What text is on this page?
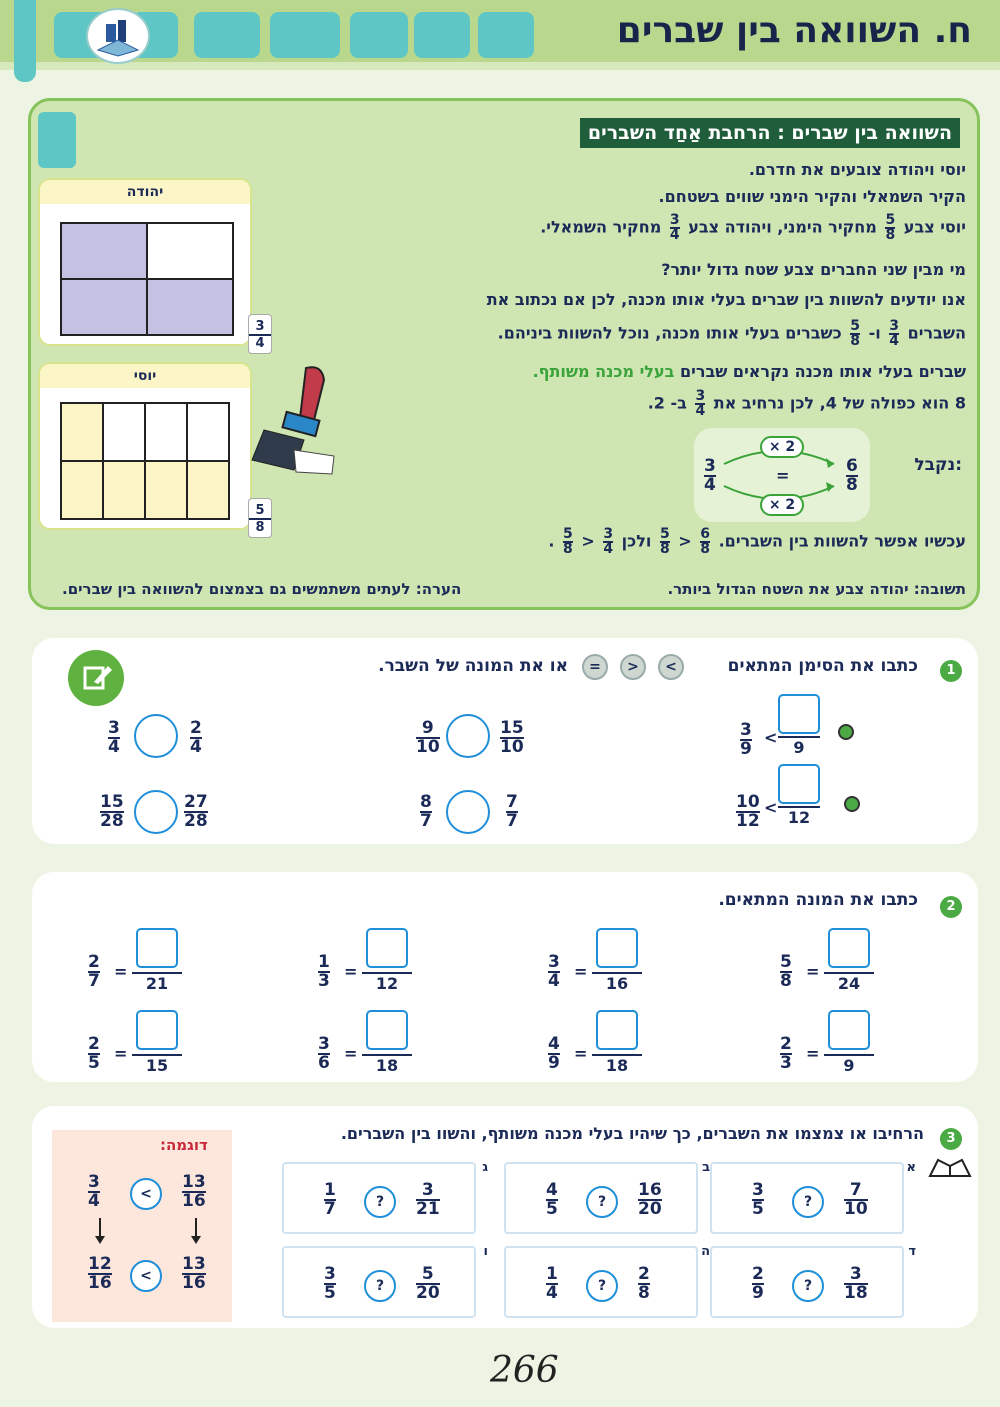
ח. השוואה בין שברים
השוואה בין שברים : הרחבת אַחַד השברים
יוסי ויהודה צובעים את חדרם.
הקיר השמאלי והקיר הימני שווים בשטחם.
יוסי צבע
$\frac{5}{8}$
מחקיר הימני, ויהודה צבע
$\frac{3}{4}$
מחקיר השמאלי.
מי מבין שני החברים צבע שטח גדול יותר?
אנו יודעים להשוות בין שברים בעלי אותו מכנה, לכן אם נכתוב את
השברים
$\frac{3}{4}$
ו-
$\frac{5}{8}$
כשברים בעלי אותו מכנה, נוכל להשוות ביניהם.
שברים בעלי אותו מכנה נקראים שברים בעלי מכנה משותף.
8 הוא כפולה של 4, לכן נרחיב את
$\frac{3}{4}$
ב- 2.
נקבל:
$\frac{3}{4}$	$\frac{6}{8}$
× 2
=
× 2
עכשיו אפשר להשוות בין השברים.
$\frac{6}{8}$
<
$\frac{5}{8}$
ולכן
$\frac{3}{4}$
<
$\frac{5}{8}$
.
תשובה: יהודה צבע את השטח הגדול ביותר.
הערה: לעתים משתמשים גם בצמצום להשוואה בין שברים.
יהודה
$\frac{3}{4}$
יוסי
$\frac{5}{8}$
1
כתבו את הסימן המתאים
<
>
=
או את המונה של השבר.
$\frac{3}{4}$	$\frac{2}{4}$	$\frac{9}{10}$	$\frac{15}{10}$
$\frac{15}{28}$	$\frac{27}{28}$	$\frac{8}{7}$	$\frac{7}{7}$
$\frac{3}{9}$ <
9
$\frac{10}{12}$ <
12
2
כתבו את המונה המתאים.
$\frac{5}{8}$ =
24
$\frac{3}{4}$ =
16
$\frac{1}{3}$ =
12
$\frac{2}{7}$ =
21
$\frac{2}{3}$ =
9
$\frac{4}{9}$ =
18
$\frac{3}{6}$ =
18
$\frac{2}{5}$ =
15
3
הרחיבו או צמצמו את השברים, כך שיהיו בעלי מכנה משותף, והשוו בין השברים.
דוגמה:
$\frac{13}{16}$
<
$\frac{3}{4}$
$\frac{13}{16}$
<
$\frac{12}{16}$
א
$\frac{7}{10}$
?
$\frac{3}{5}$
ב
$\frac{16}{20}$
?
$\frac{4}{5}$
ג
$\frac{3}{21}$
?
$\frac{1}{7}$
ד
$\frac{3}{18}$
?
$\frac{2}{9}$
ה
$\frac{2}{8}$
?
$\frac{1}{4}$
ו
$\frac{5}{20}$
?
$\frac{3}{5}$
266
